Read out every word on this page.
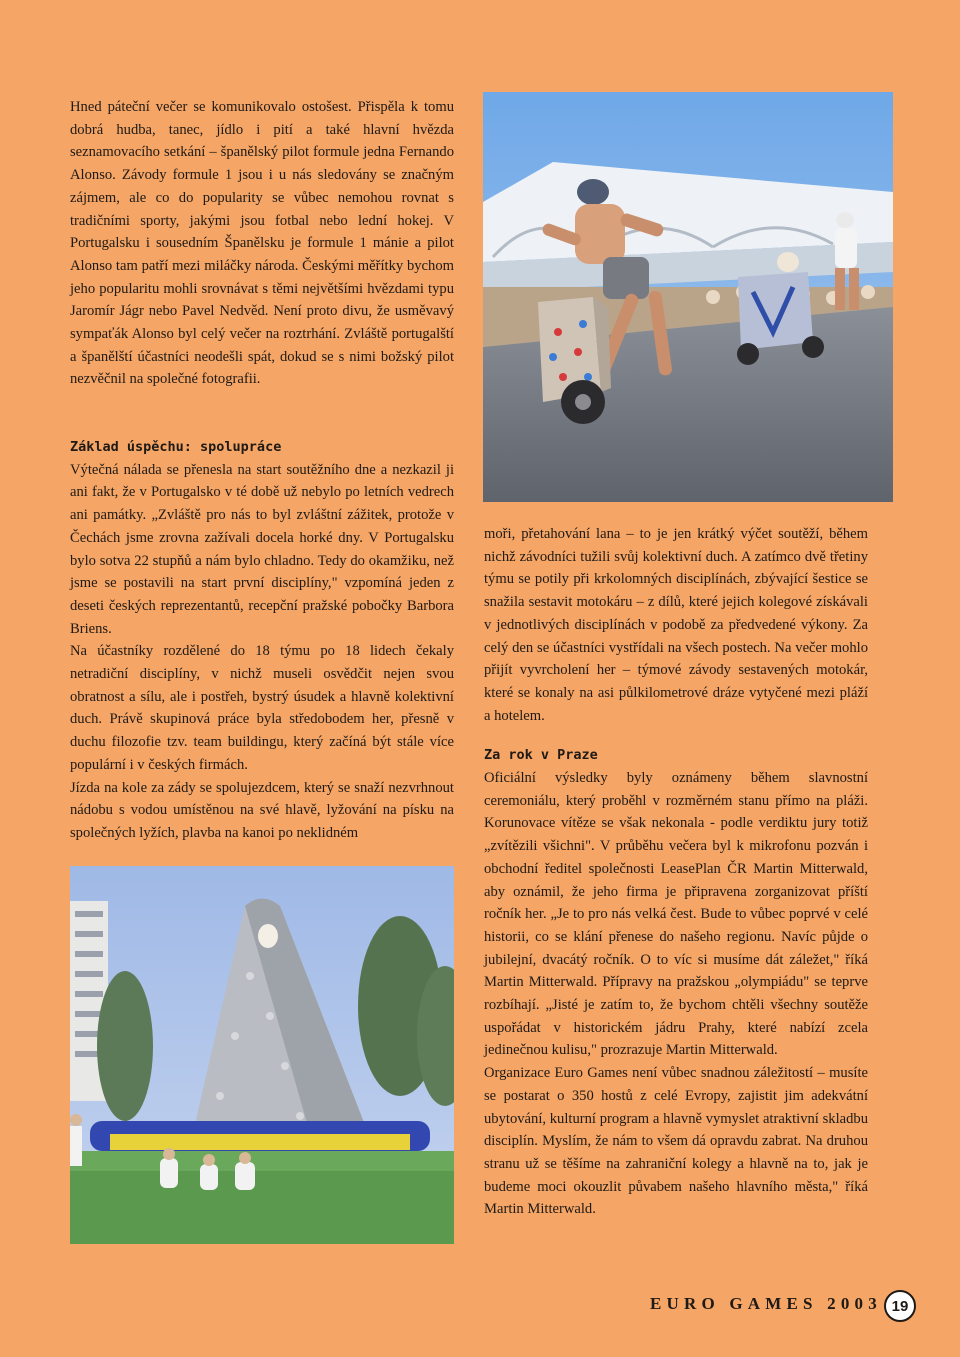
Hned páteční večer se komunikovalo ostošest. Přispěla k tomu dobrá hudba, tanec, jídlo i pití a také hlavní hvězda seznamovacího setkání – španělský pilot formule jedna Fernando Alonso. Závody formule 1 jsou i u nás sledovány se značným zájmem, ale co do popularity se vůbec nemohou rovnat s tradičními sporty, jakými jsou fotbal nebo lední hokej. V Portugalsku i sousedním Španělsku je formule 1 mánie a pilot Alonso tam patří mezi miláčky národa. Českými měřítky bychom jeho popularitu mohli srovnávat s těmi největšími hvězdami typu Jaromír Jágr nebo Pavel Nedvěd. Není proto divu, že usměvavý sympaťák Alonso byl celý večer na roztrhání. Zvláště portugalští a španělští účastníci neodešli spát, dokud se s nimi božský pilot nezvěčnil na společné fotografii.

Základ úspěchu: spolupráce

Výtečná nálada se přenesla na start soutěžního dne a nezkazil ji ani fakt, že v Portugalsko v té době už nebylo po letních vedrech ani památky. „Zvláště pro nás to byl zvláštní zážitek, protože v Čechách jsme zrovna zažívali docela horké dny. V Portugalsku bylo sotva 22 stupňů a nám bylo chladno. Tedy do okamžiku, než jsme se postavili na start první disciplíny," vzpomíná jeden z deseti českých reprezentantů, recepční pražské pobočky Barbora Briens.

Na účastníky rozdělené do 18 týmu po 18 lidech čekaly netradiční disciplíny, v nichž museli osvědčit nejen svou obratnost a sílu, ale i postřeh, bystrý úsudek a hlavně kolektivní duch. Právě skupinová práce byla středobodem her, přesně v duchu filozofie tzv. team buildingu, který začíná být stále více populární i v českých firmách.

Jízda na kole za zády se spolujezdcem, který se snaží nezvrhnout nádobu s vodou umístěnou na své hlavě, lyžování na písku na společných lyžích, plavba na kanoi po neklidném

moři, přetahování lana – to je jen krátký výčet soutěží, během nichž závodníci tužili svůj kolektivní duch. A zatímco dvě třetiny týmu se potily při krkolomných disciplínách, zbývající šestice se snažila sestavit motokáru – z dílů, které jejich kolegové získávali v jednotlivých disciplínách v podobě za předvedené výkony. Za celý den se účastníci vystřídali na všech postech. Na večer mohlo přijít vyvrcholení her – týmové závody sestavených motokár, které se konaly na asi půlkilometrové dráze vytyčené mezi pláží a hotelem.

Za rok v Praze

Oficiální výsledky byly oznámeny během slavnostní ceremoniálu, který proběhl v rozměrném stanu přímo na pláži. Korunovace vítěze se však nekonala - podle verdiktu jury totiž „zvítězili všichni". V průběhu večera byl k mikrofonu pozván i obchodní ředitel společnosti LeasePlan ČR Martin Mitterwald, aby oznámil, že jeho firma je připravena zorganizovat příští ročník her. „Je to pro nás velká čest. Bude to vůbec poprvé v celé historii, co se klání přenese do našeho regionu. Navíc půjde o jubilejní, dvacátý ročník. O to víc si musíme dát záležet," říká Martin Mitterwald. Přípravy na pražskou „olympiádu" se teprve rozbíhají. „Jisté je zatím to, že bychom chtěli všechny soutěže uspořádat v historickém jádru Prahy, které nabízí zcela jedinečnou kulisu," prozrazuje Martin Mitterwald.

Organizace Euro Games není vůbec snadnou záležitostí – musíte se postarat o 350 hostů z celé Evropy, zajistit jim adekvátní ubytování, kulturní program a hlavně vymyslet atraktivní skladbu disciplín. Myslím, že nám to všem dá opravdu zabrat. Na druhou stranu už se těšíme na zahraniční kolegy a hlavně na to, jak je budeme moci okouzlit půvabem našeho hlavního města," říká Martin Mitterwald.

EURO GAMES 2003 19
